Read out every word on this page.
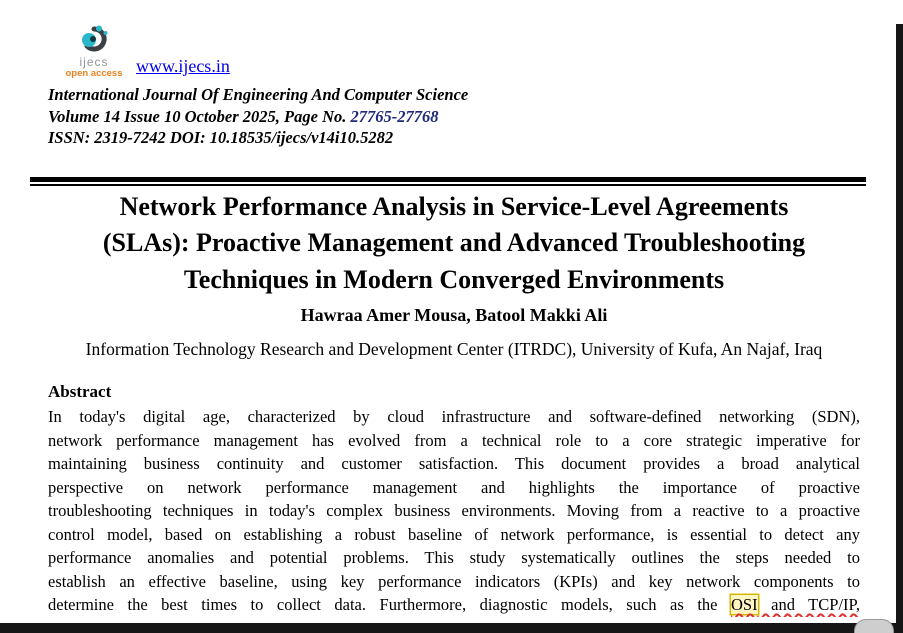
ijecs
open access www.ijecs.in
International Journal Of Engineering And Computer Science
Volume 14 Issue 10 October 2025, Page No. 27765-27768
ISSN: 2319-7242 DOI: 10.18535/ijecs/v14i10.5282
Network Performance Analysis in Service-Level Agreements
(SLAs): Proactive Management and Advanced Troubleshooting
Techniques in Modern Converged Environments
Hawraa Amer Mousa, Batool Makki Ali
Information Technology Research and Development Center (ITRDC), University of Kufa, An Najaf, Iraq
Abstract
In today's digital age, characterized by cloud infrastructure and software-defined networking (SDN),
network performance management has evolved from a technical role to a core strategic imperative for
maintaining business continuity and customer satisfaction. This document provides a broad analytical
perspective on network performance management and highlights the importance of proactive
troubleshooting techniques in today's complex business environments. Moving from a reactive to a proactive
control model, based on establishing a robust baseline of network performance, is essential to detect any
performance anomalies and potential problems. This study systematically outlines the steps needed to
establish an effective baseline, using key performance indicators (KPIs) and key network components to
determine the best times to collect data. Furthermore, diagnostic models, such as the OSI and TCP/IP,
